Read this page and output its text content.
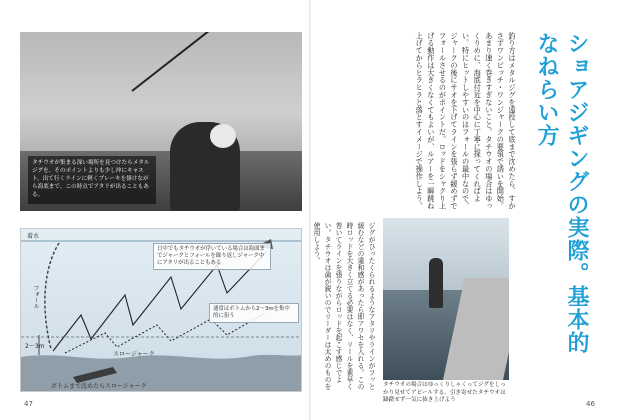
タチウオが集まる深い場所を見つけたらメタルジグを、そのポイントよりも少し沖にキャスト。出て行くラインに軽くブレーキを掛けながら海底まで。この時点でアタリが出ることもある。
着水
フォール
スロージャーク
2〜3m
日中でもタチウオが浮いている場合は海面までジャークとフォールを繰り返しジャーク中にアタリが出ることもある
通常はボトムから2〜3mを集中的に狙う
ボトムまで沈めたらスロージャーク
47
ショアジギングの実際。基本的なねらい方
釣り方はメタルジグを遠投して底まで沈めたら、すかさずワンピッチ・ワンジャークの要領で誘いを開始。あまり速く巻きすぎないこと。タチウオの場合はゆっくりめに、海底付近を中心に丁寧に探ってくればよい。特にヒットしやすいのはフォールの最中なので、ジャークの後にサオを下げてラインを張らず緩めずでフォールさせるのがポイントだ。ロッドをシャクり上げる動作は大きくなくてもよいが、ルアーを一瞬跳ね上げてからヒラヒラと落とすイメージで操作しよう。
ジグがひったくられるようなアタリやラインがフッと緩むなどの違和感があったら即アワセを入れる。この時ロッドを大きく立てる必要はなく、リールを素早く巻いてラインを張りながらロッドを起こす感じでよい。タチウオは歯が鋭いのでリーダーは太めのものを使用しよう。
タチウオの場合はゆっくりしゃくってジグをしっかり見せてアピールする。引き寄せたタチウオは躊躇せず一気に抜き上げよう	46
